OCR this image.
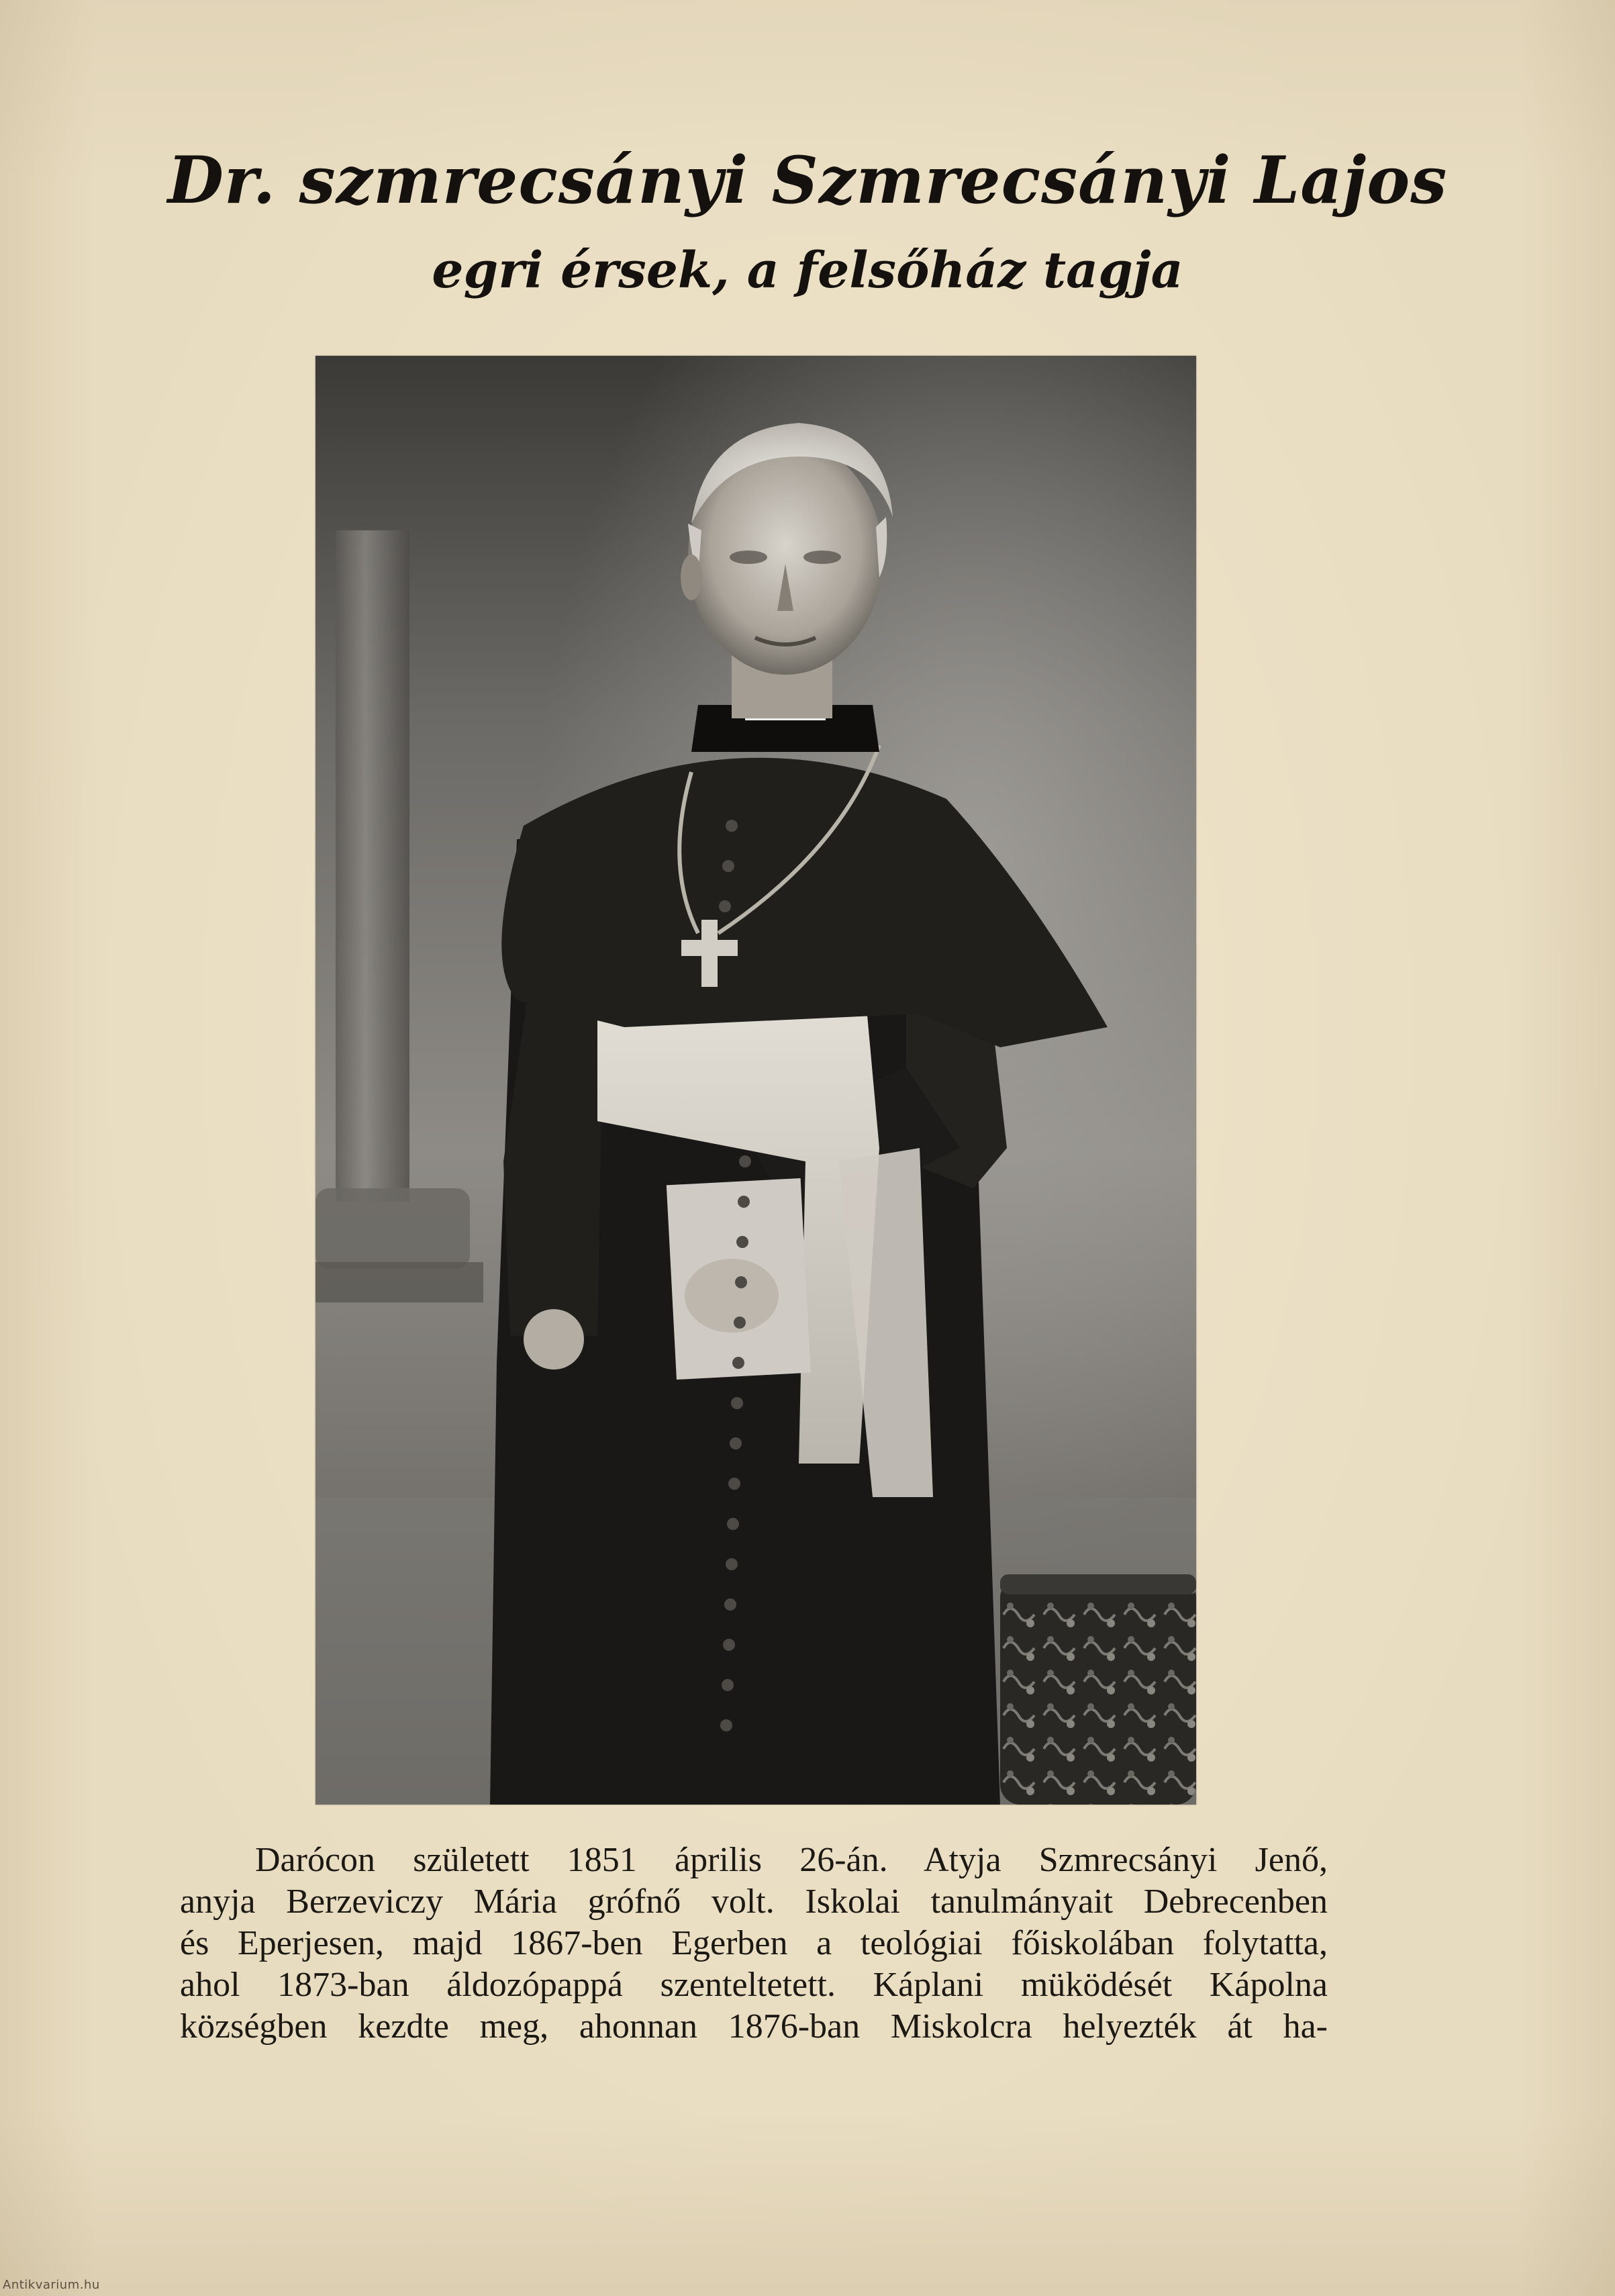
Dr. szmrecsányi Szmrecsányi Lajos
egri érsek, a felsőház tagja
Darócon született 1851 április 26-án. Atyja Szmrecsányi Jenő,
anyja Berzeviczy Mária grófnő volt. Iskolai tanulmányait Debrecenben
és Eperjesen, majd 1867-ben Egerben a teológiai főiskolában folytatta,
ahol 1873-ban áldozópappá szenteltetett. Káplani müködését Kápolna
községben kezdte meg, ahonnan 1876-ban Miskolcra helyezték át ha-
Antikvarium.hu
